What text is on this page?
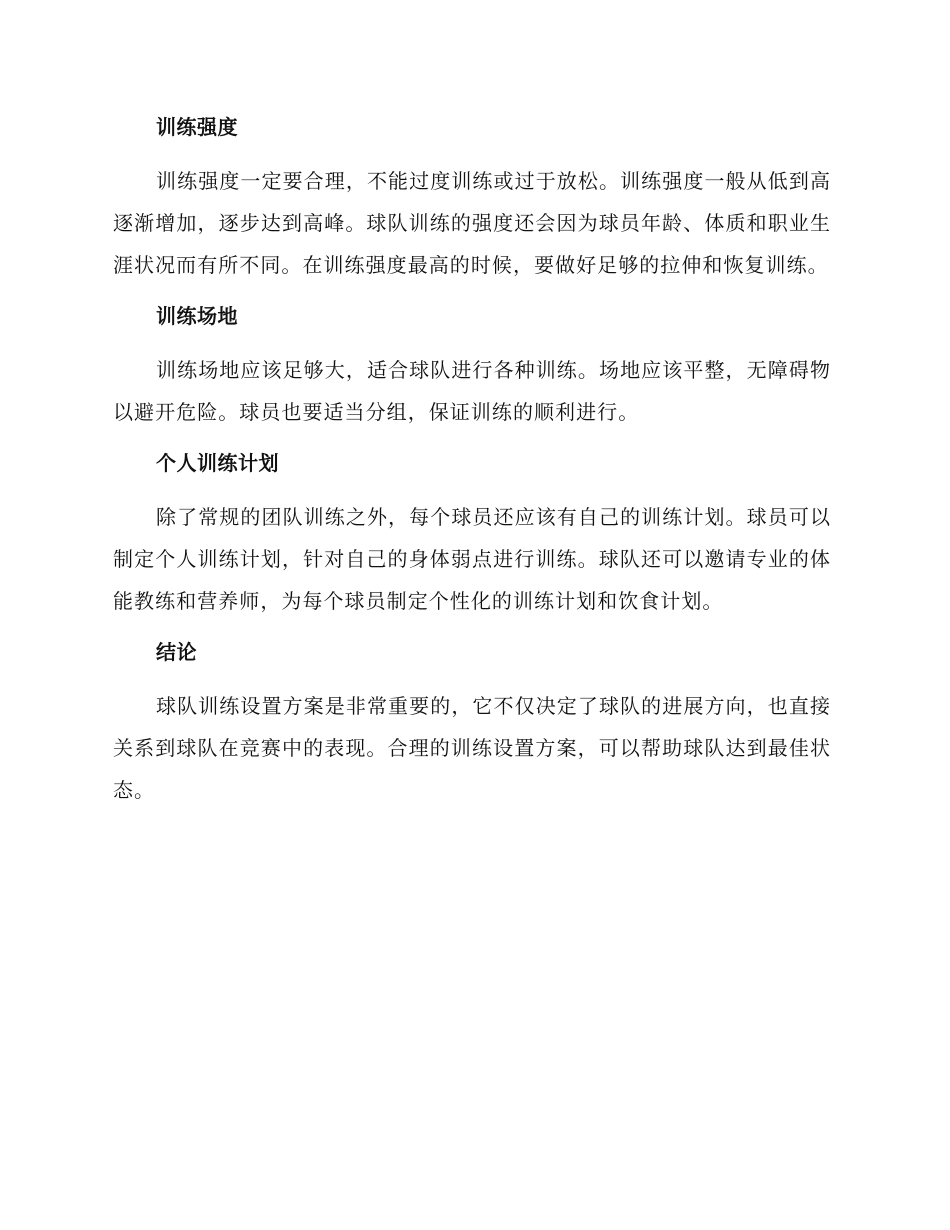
训练强度

训练强度一定要合理，不能过度训练或过于放松。训练强度一般从低到高逐渐增加，逐步达到高峰。球队训练的强度还会因为球员年龄、体质和职业生涯状况而有所不同。在训练强度最高的时候，要做好足够的拉伸和恢复训练。

训练场地

训练场地应该足够大，适合球队进行各种训练。场地应该平整，无障碍物以避开危险。球员也要适当分组，保证训练的顺利进行。

个人训练计划

除了常规的团队训练之外，每个球员还应该有自己的训练计划。球员可以制定个人训练计划，针对自己的身体弱点进行训练。球队还可以邀请专业的体能教练和营养师，为每个球员制定个性化的训练计划和饮食计划。

结论

球队训练设置方案是非常重要的，它不仅决定了球队的进展方向，也直接关系到球队在竞赛中的表现。合理的训练设置方案，可以帮助球队达到最佳状态。
